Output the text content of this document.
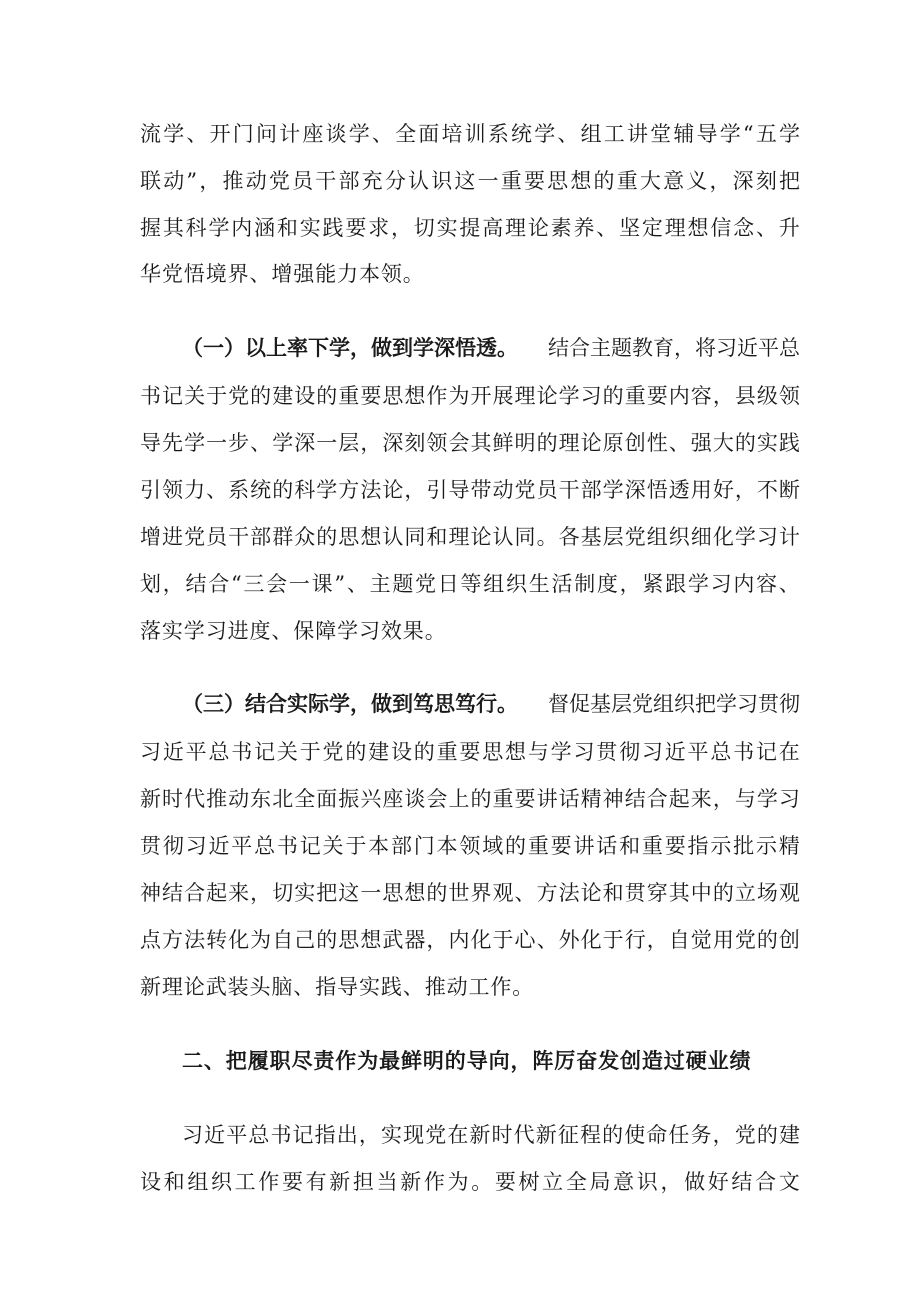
流 学 、 开 门 问 计 座 谈 学 、 全 面 培 训 系 统 学 、 组 工 讲 堂 辅 导 学 “ 五 学
联 动 ” ， 推 动 党 员 干 部 充 分 认 识 这 一 重 要 思 想 的 重 大 意 义 ， 深 刻 把
握 其 科 学 内 涵 和 实 践 要 求 ， 切 实 提 高 理 论 素 养 、 坚 定 理 想 信 念 、 升
华党悟境界、增强能力本领。
（一）以上率下学，做到学深悟透。 结合主题教育，将习近平总
书 记 关 于 党 的 建 设 的 重 要 思 想 作 为 开 展 理 论 学 习 的 重 要 内 容 ， 县 级 领
导 先 学 一 步 、 学 深 一 层 ， 深 刻 领 会 其 鲜 明 的 理 论 原 创 性 、 强 大 的 实 践
引 领 力 、 系 统 的 科 学 方 法 论 ， 引 导 带 动 党 员 干 部 学 深 悟 透 用 好 ， 不 断
增 进 党 员 干 部 群 众 的 思 想 认 同 和 理 论 认 同 。 各 基 层 党 组 织 细 化 学 习 计
划 ， 结 合 “ 三 会 一 课 ” 、 主 题 党 日 等 组 织 生 活 制 度 ， 紧 跟 学 习 内 容 、
落实学习进度、保障学习效果。
（三）结合实际学，做到笃思笃行。 督促基层党组织把学习贯彻
习 近 平 总 书 记 关 于 党 的 建 设 的 重 要 思 想 与 学 习 贯 彻 习 近 平 总 书 记 在
新 时 代 推 动 东 北 全 面 振 兴 座 谈 会 上 的 重 要 讲 话 精 神 结 合 起 来 ， 与 学 习
贯 彻 习 近 平 总 书 记 关 于 本 部 门 本 领 域 的 重 要 讲 话 和 重 要 指 示 批 示 精
神 结 合 起 来 ， 切 实 把 这 一 思 想 的 世 界 观 、 方 法 论 和 贯 穿 其 中 的 立 场 观
点 方 法 转 化 为 自 己 的 思 想 武 器 ， 内 化 于 心 、 外 化 于 行 ， 自 觉 用 党 的 创
新理论武装头脑、指导实践、推动工作。
二、把履职尽责作为最鲜明的导向，阵厉奋发创造过硬业绩
习 近 平 总 书 记 指 出 ， 实 现 党 在 新 时 代 新 征 程 的 使 命 任 务 ， 党 的 建
设 和 组 织 工 作 要 有 新 担 当 新 作 为 。 要 树 立 全 局 意 识 ， 做 好 结 合 文
